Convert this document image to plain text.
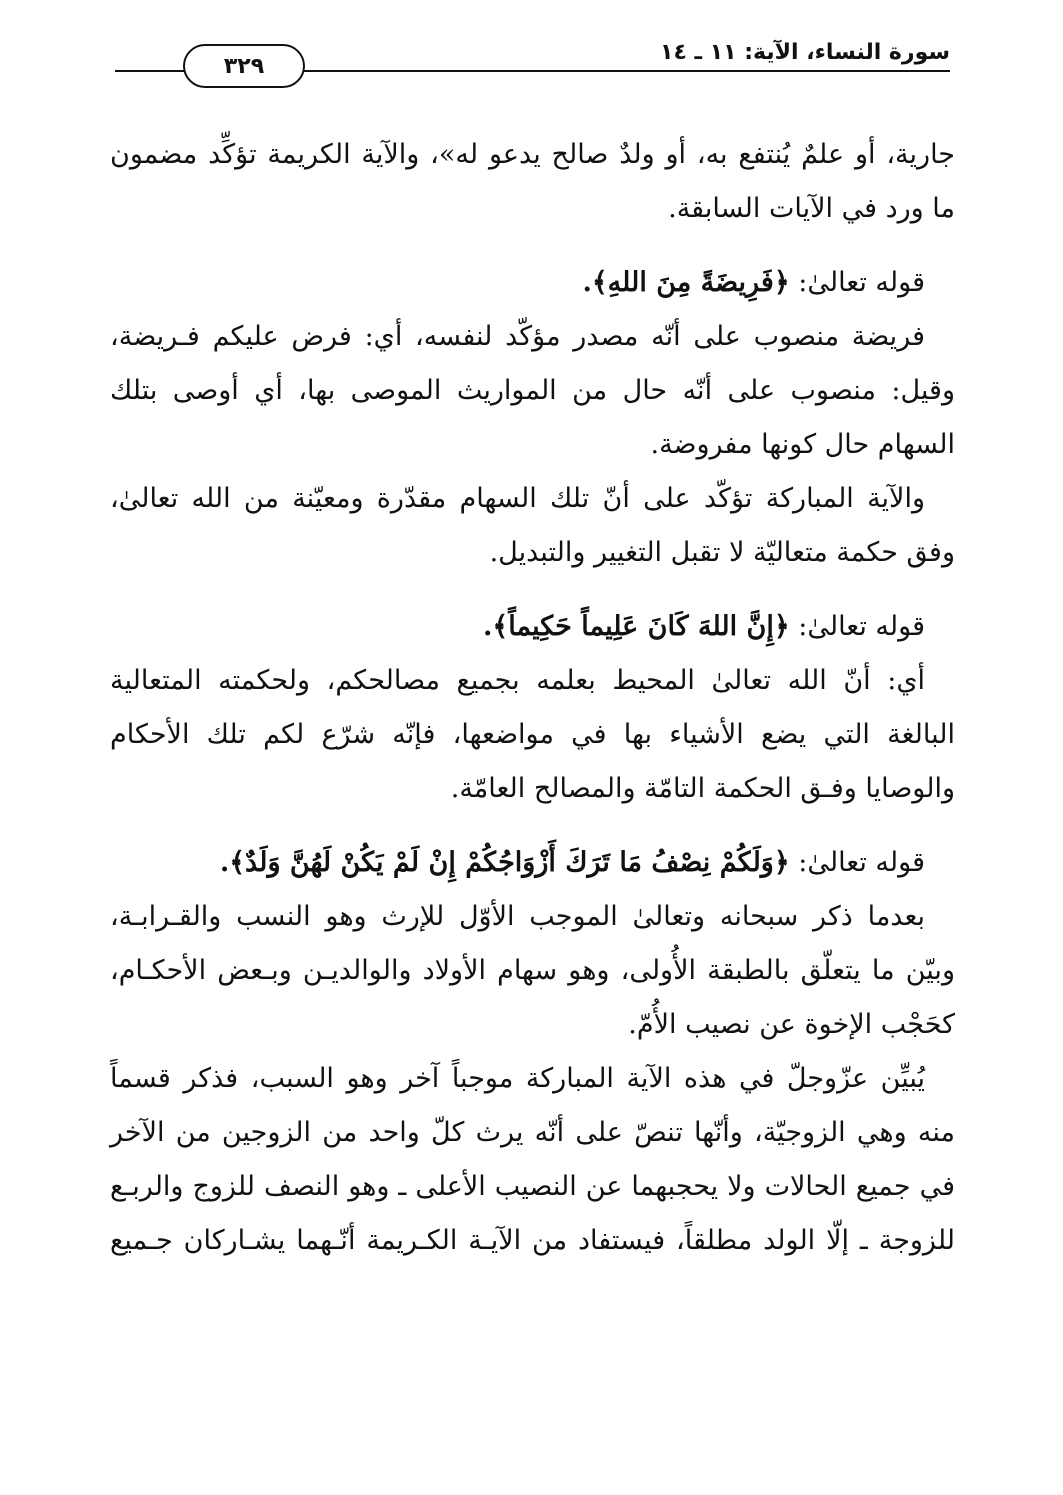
٣٢٩
سورة النساء، الآية: ١١ ـ ١٤

جارية، أو علمٌ يُنتفع به، أو ولدٌ صالح يدعو له»، والآية الكريمة تؤكِّد مضمون ما ورد في الآيات السابقة.

قوله تعالىٰ: ﴿فَرِيضَةً مِنَ اللهِ﴾.

فريضة منصوب على أنّه مصدر مؤكّد لنفسه، أي: فرض عليكم فـريضة، وقيل: منصوب على أنّه حال من المواريث الموصى بها، أي أوصى بتلك السهام حال كونها مفروضة.

والآية المباركة تؤكّد على أنّ تلك السهام مقدّرة ومعيّنة من الله تعالىٰ، وفق حكمة متعاليّة لا تقبل التغيير والتبديل.

قوله تعالىٰ: ﴿إِنَّ اللهَ كَانَ عَلِيماً حَكِيماً﴾.

أي: أنّ الله تعالىٰ المحيط بعلمه بجميع مصالحكم، ولحكمته المتعالية البالغة التي يضع الأشياء بها في مواضعها، فإنّه شرّع لكم تلك الأحكام والوصايا وفـق الحكمة التامّة والمصالح العامّة.

قوله تعالىٰ: ﴿وَلَكُمْ نِصْفُ مَا تَرَكَ أَزْوَاجُكُمْ إِنْ لَمْ يَكُنْ لَهُنَّ وَلَدٌ﴾.

بعدما ذكر سبحانه وتعالىٰ الموجب الأوّل للإرث وهو النسب والقـرابـة، وبيّن ما يتعلّق بالطبقة الأُولى، وهو سهام الأولاد والوالديـن وبـعض الأحكـام، كحَجْب الإخوة عن نصيب الأُمّ.

يُبيِّن عزّوجلّ في هذه الآية المباركة موجباً آخر وهو السبب، فذكر قسماً منه وهي الزوجيّة، وأنّها تنصّ على أنّه يرث كلّ واحد من الزوجين من الآخر في جميع الحالات ولا يحجبهما عن النصيب الأعلى ـ وهو النصف للزوج والربـع للزوجة ـ إلّا الولد مطلقاً، فيستفاد من الآيـة الكـريمة أنّـهما يشـاركان جـميع
